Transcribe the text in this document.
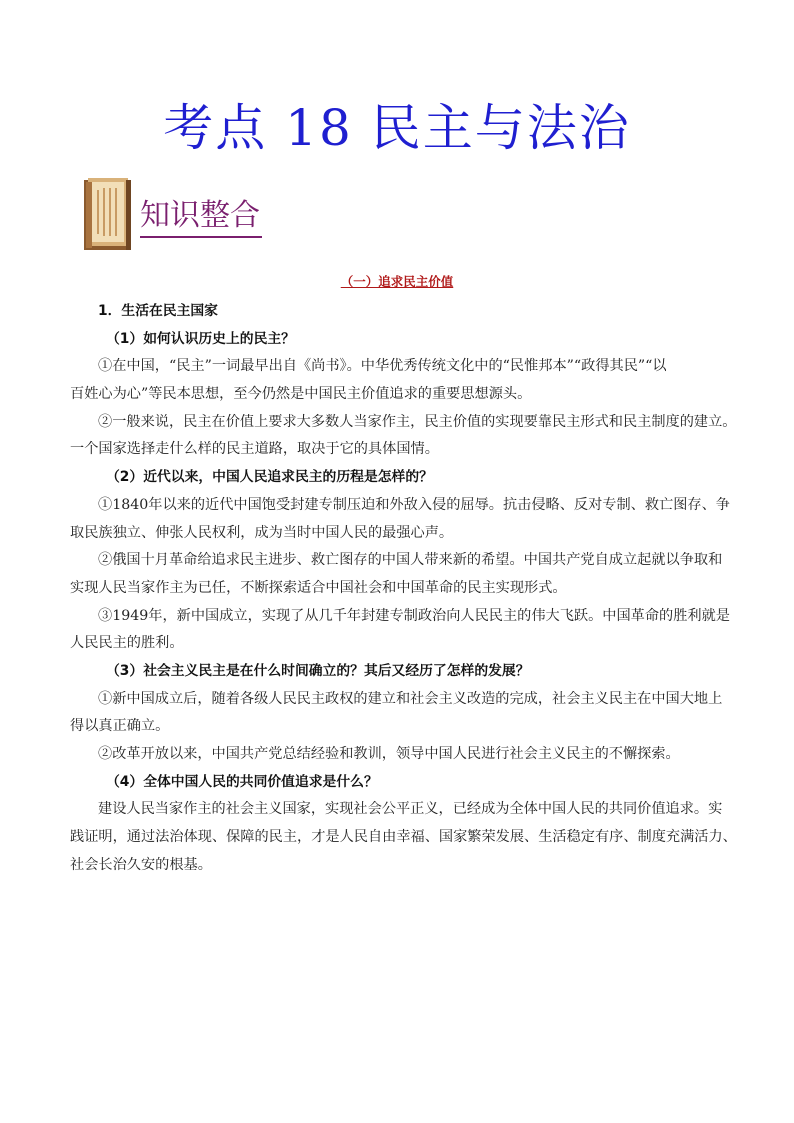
考点 18 民主与法治
知识整合
（一）追求民主价值
1．生活在民主国家
（1）如何认识历史上的民主？
①在中国，“民主”一词最早出自《尚书》。中华优秀传统文化中的“民惟邦本”“政得其民”“以
百姓心为心”等民本思想，至今仍然是中国民主价值追求的重要思想源头。
②一般来说，民主在价值上要求大多数人当家作主，民主价值的实现要靠民主形式和民主制度的建立。
一个国家选择走什么样的民主道路，取决于它的具体国情。
（2）近代以来，中国人民追求民主的历程是怎样的？
①1840年以来的近代中国饱受封建专制压迫和外敌入侵的屈辱。抗击侵略、反对专制、救亡图存、争
取民族独立、伸张人民权利，成为当时中国人民的最强心声。
②俄国十月革命给追求民主进步、救亡图存的中国人带来新的希望。中国共产党自成立起就以争取和
实现人民当家作主为已任，不断探索适合中国社会和中国革命的民主实现形式。
③1949年，新中国成立，实现了从几千年封建专制政治向人民民主的伟大飞跃。中国革命的胜利就是
人民民主的胜利。
（3）社会主义民主是在什么时间确立的？其后又经历了怎样的发展？
①新中国成立后，随着各级人民民主政权的建立和社会主义改造的完成，社会主义民主在中国大地上
得以真正确立。
②改革开放以来，中国共产党总结经验和教训，领导中国人民进行社会主义民主的不懈探索。
（4）全体中国人民的共同价值追求是什么？
建设人民当家作主的社会主义国家，实现社会公平正义，已经成为全体中国人民的共同价值追求。实
践证明，通过法治体现、保障的民主，才是人民自由幸福、国家繁荣发展、生活稳定有序、制度充满活力、
社会长治久安的根基。
